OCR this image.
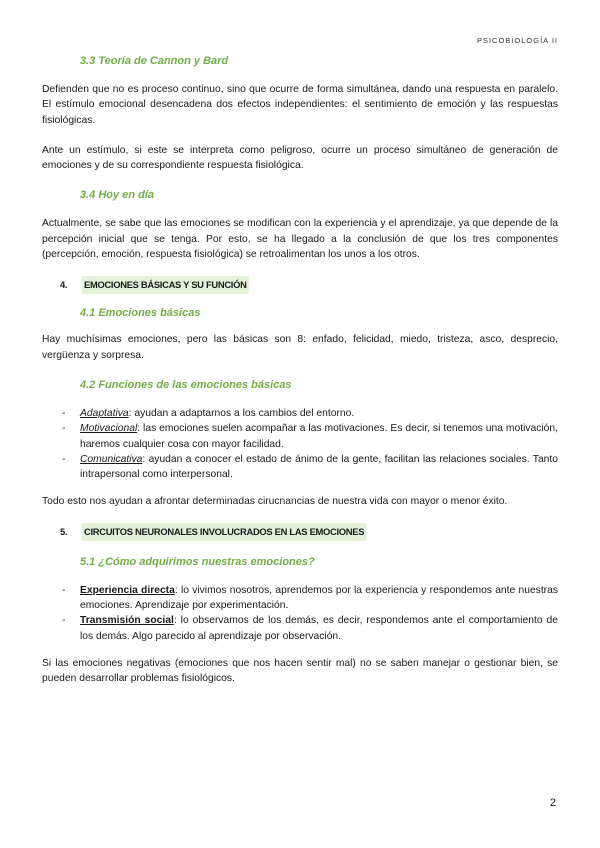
PSICOBIOLOGÍA II
3.3 Teoría de Cannon y Bard

Defienden que no es proceso continuo, sino que ocurre de forma simultánea, dando una respuesta en paralelo. El estímulo emocional desencadena dos efectos independientes: el sentimiento de emoción y las respuestas fisiológicas.

Ante un estímulo, si este se interpreta como peligroso, ocurre un proceso simultáneo de generación de emociones y de su correspondiente respuesta fisiológica.

3.4 Hoy en día

Actualmente, se sabe que las emociones se modifican con la experiencia y el aprendizaje, ya que depende de la percepción inicial que se tenga. Por esto, se ha llegado a la conclusión de que los tres componentes (percepción, emoción, respuesta fisiológica) se retroalimentan los unos a los otros.

4.	EMOCIONES BÁSICAS Y SU FUNCIÓN
4.1 Emociones básicas

Hay muchísimas emociones, pero las básicas son 8: enfado, felicidad, miedo, tristeza, asco, desprecio, vergüenza y sorpresa.

4.2 Funciones de las emociones básicas
- Adaptativa: ayudan a adaptarnos a los cambios del entorno.
- Motivacional: las emociones suelen acompañar a las motivaciones. Es decir, si tenemos una motivación, haremos cualquier cosa con mayor facilidad.
- Comunicativa: ayudan a conocer el estado de ánimo de la gente, facilitan las relaciones sociales. Tanto intrapersonal como interpersonal.

Todo esto nos ayudan a afrontar determinadas cirucnancias de nuestra vida con mayor o menor éxito.

5.	CIRCUITOS NEURONALES INVOLUCRADOS EN LAS EMOCIONES
5.1 ¿Cómo adquirimos nuestras emociones?
- Experiencia directa: lo vivimos nosotros, aprendemos por la experiencia y respondemos ante nuestras emociones. Aprendizaje por experimentación.
- Transmisión social: lo observamos de los demás, es decir, respondemos ante el comportamiento de los demás. Algo parecido al aprendizaje por observación.

Si las emociones negativas (emociones que nos hacen sentir mal) no se saben manejar o gestionar bien, se pueden desarrollar problemas fisiológicos.

2
